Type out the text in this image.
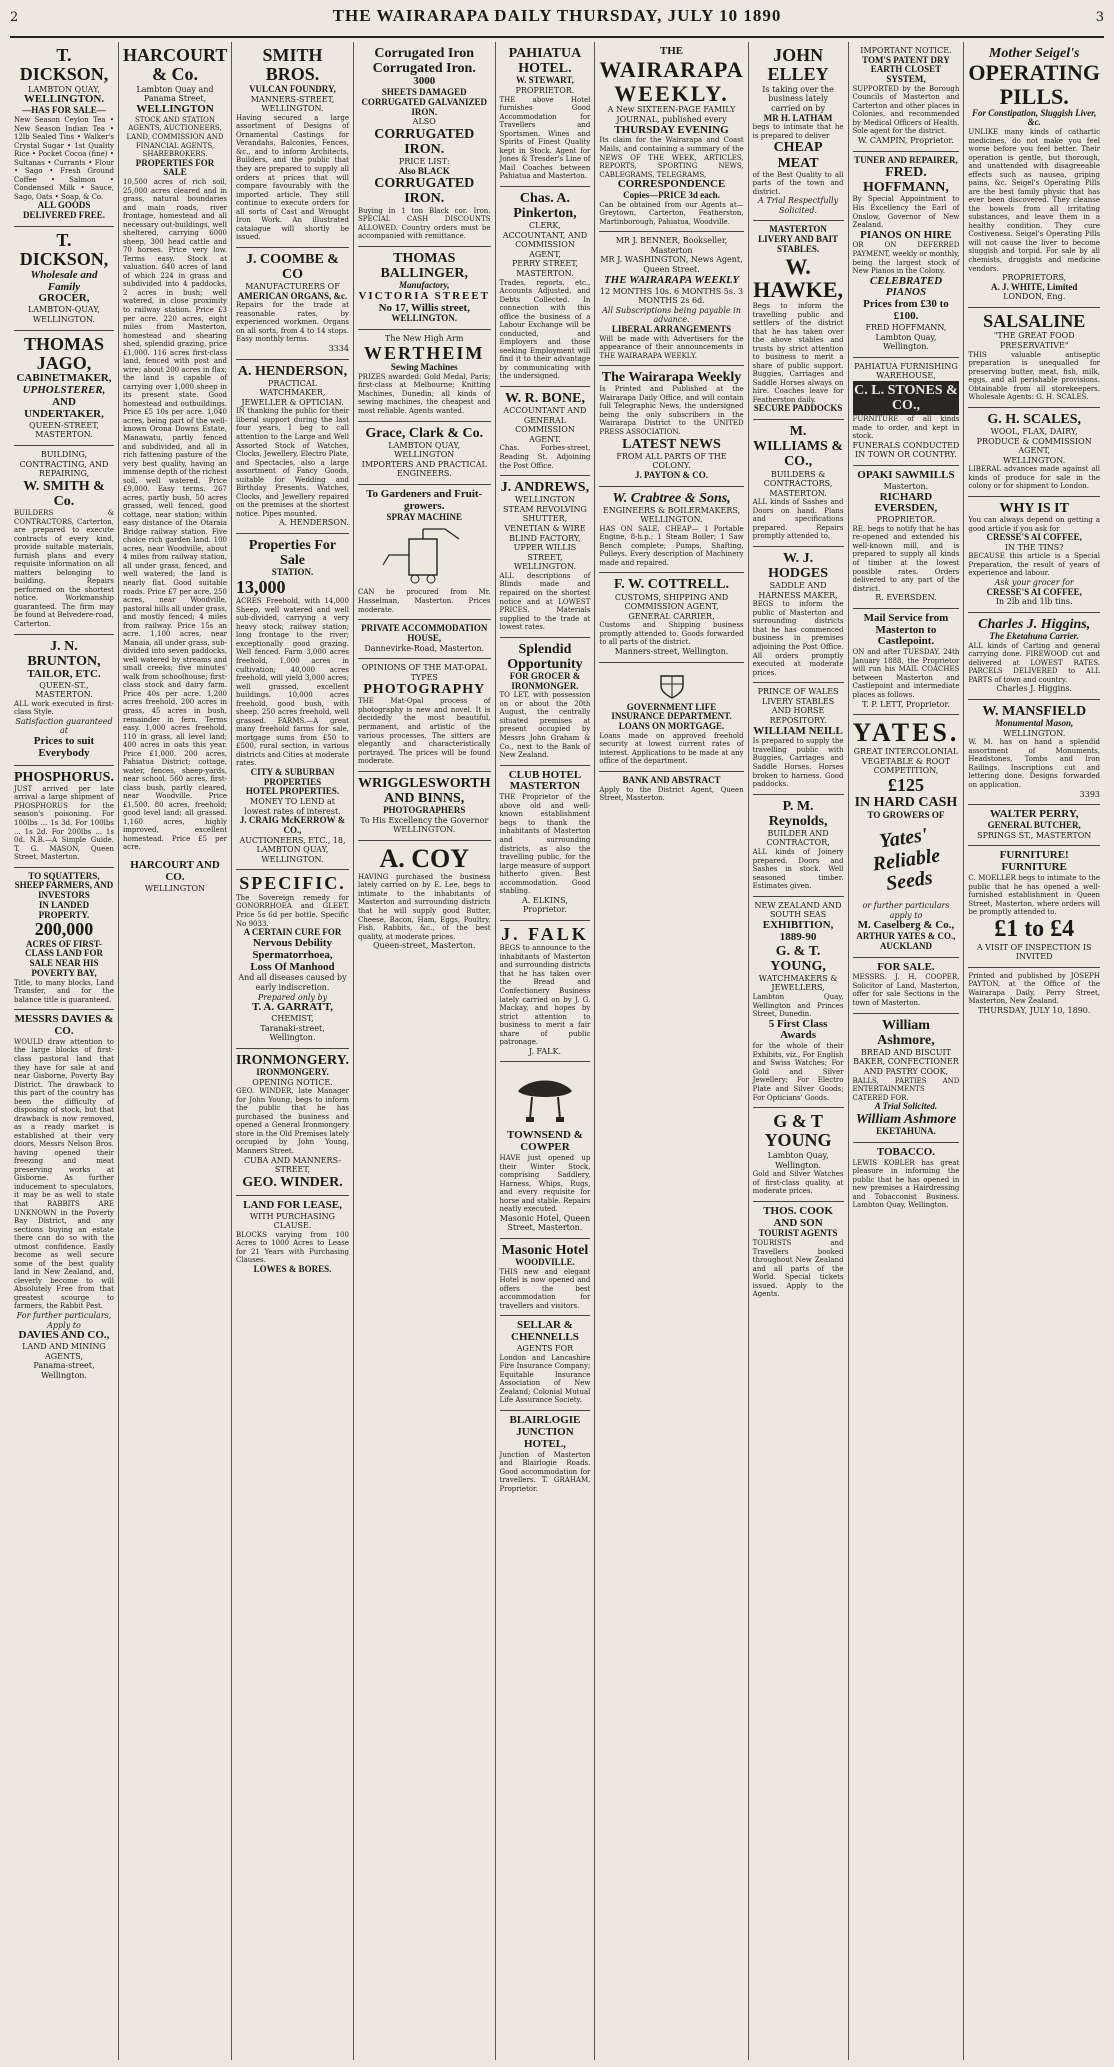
2	THE WAIRARAPA DAILY THURSDAY, JULY 10 1890	3
T. DICKSON,
LAMBTON QUAY,
WELLINGTON.
—HAS FOR SALE—
New Season Ceylon Tea • New Season Indian Tea • 12lb Sealed Tins • Walker's Crystal Sugar • 1st Quality Rice • Pocket Cocoa (fine) • Sultanas • Currants • Flour • Sago • Fresh Ground Coffee • Salmon • Condensed Milk • Sauce, Sago, Oats • Soap, & Co.
ALL GOODS DELIVERED FREE.
T. DICKSON,
Wholesale and Family
GROCER,
LAMBTON-QUAY, WELLINGTON.
THOMAS JAGO,
CABINETMAKER,
UPHOLSTERER,
AND UNDERTAKER,
QUEEN-STREET, MASTERTON.
BUILDING, CONTRACTING, AND REPAIRING,
W. SMITH & Co.
BUILDERS & CONTRACTORS, Carterton, are prepared to execute contracts of every kind, provide suitable materials, furnish plans and every requisite information on all matters belonging to building. Repairs performed on the shortest notice. Workmanship guaranteed. The firm may be found at Belvedere-road, Carterton.
J. N. BRUNTON,
TAILOR, ETC.
QUEEN-ST., MASTERTON.
ALL work executed in first-class Style.
Satisfaction guaranteed at
Prices to suit Everybody
PHOSPHORUS.
JUST arrived per late arrival a large shipment of PHOSPHORUS for the season's poisoning. For 100lbs ... 1s 3d. For 100lbs ... 1s 2d. For 200lbs ... 1s 0d. N.B.—A Simple Guide. T. G. MASON, Queen Street, Masterton.
TO SQUATTERS, SHEEP FARMERS, AND INVESTORS
IN LANDED PROPERTY.
200,000
ACRES OF FIRST-CLASS LAND FOR SALE NEAR HIS POVERTY BAY,
Title, to many blocks, Land Transfer, and for the balance title is guaranteed.
MESSRS DAVIES & CO.
WOULD draw attention to the large blocks of first-class pastoral land that they have for sale at and near Gisborne, Poverty Bay District. The drawback to this part of the country has been the difficulty of disposing of stock, but that drawback is now removed, as a ready market is established at their very doors, Messrs Nelson Bros. having opened their freezing and meat preserving works at Gisborne. As further inducement to speculators, it may be as well to state that RABBITS ARE UNKNOWN in the Poverty Bay District, and any sections buying an estate there can do so with the utmost confidence. Easily become as well secure some of the best quality land in New Zealand, and, cleverly become to will Absolutely Free from that greatest scourge to farmers, the Rabbit Pest.
For further particulars,
Apply to
DAVIES AND CO.,
LAND AND MINING AGENTS,
Panama-street, Wellington.
HARCOURT & Co.
Lambton Quay and Panama Street,
WELLINGTON
STOCK AND STATION AGENTS, AUCTIONEERS, LAND, COMMISSION AND FINANCIAL AGENTS, SHAREBROKERS.
PROPERTIES FOR SALE
10,500 acres of rich soil, 25,000 acres cleared and in grass, natural boundaries and main roads, river frontage, homestead and all necessary out-buildings, well sheltered, carrying 6000 sheep, 300 head cattle and 70 horses. Price very low. Terms easy. Stock at valuation. 640 acres of land of which 224 in grass and subdivided into 4 paddocks, 2 acres in bush; well watered, in close proximity to railway station. Price £3 per acre. 220 acres, eight miles from Masterton, homestead and shearing shed, splendid grazing, price £1,000. 116 acres first-class land, fenced with post and wire; about 200 acres in flax; the land is capable of carrying over 1,000 sheep in its present state. Good homestead and outbuildings. Price £5 10s per acre. 1,040 acres, being part of the well-known Orona Downs Estate, Manawatu, partly fenced and subdivided, and all in rich fattening pasture of the very best quality, having an immense depth of the richest soil, well watered. Price £9,000. Easy terms. 267 acres, partly bush, 50 acres grassed, well fenced, good cottage, near station; within easy distance of the Otaraia Bridge railway station. Five choice rich garden land. 100 acres, near Woodville, about 4 miles from railway station, all under grass, fenced, and well watered; the land is nearly flat. Good suitable roads. Price £7 per acre. 250 acres, near Woodville, pastoral hills all under grass, and mostly fenced; 4 miles from railway. Price 15s an acre. 1,100 acres, near Manaia, all under grass, sub-divided into seven paddocks, well watered by streams and small creeks; five minutes' walk from schoolhouse; first-class stock and dairy farm. Price 40s per acre. 1,200 acres freehold, 200 acres in grass, 45 acres in bush, remainder in fern. Terms easy. 1,000 acres freehold, 110 in grass, all level land; 400 acres in oats this year. Price £1,000. 200 acres, Pahiatua District; cottage, water, fences, sheep-yards, near school. 560 acres, first-class bush, partly cleared, near Woodville. Price £1,500. 80 acres, freehold; good level land; all grassed. 1,160 acres, highly improved, excellent homestead. Price £5 per acre.
HARCOURT AND CO.
WELLINGTON
SMITH BROS.
VULCAN FOUNDRY,
MANNERS-STREET, WELLINGTON.
Having secured a large assortment of Designs of Ornamental Castings for Verandahs, Balconies, Fences, &c., and to inform Architects, Builders, and the public that they are prepared to supply all orders at prices that will compare favourably with the imported article. They still continue to execute orders for all sorts of Cast and Wrought Iron Work. An illustrated catalogue will shortly be issued.
J. COOMBE & CO
MANUFACTURERS OF
AMERICAN ORGANS, &c.
Repairs for the trade at reasonable rates, by experienced workmen. Organs on all sorts, from 4 to 14 stops. Easy monthly terms.
3334
A. HENDERSON,
PRACTICAL WATCHMAKER, JEWELLER & OPTICIAN.
IN thanking the public for their liberal support during the last four years, I beg to call attention to the Large and Well Assorted Stock of Watches, Clocks, Jewellery, Electro Plate, and Spectacles, also a large assortment of Fancy Goods, suitable for Wedding and Birthday Presents. Watches, Clocks, and Jewellery repaired on the premises at the shortest notice. Pipes mounted.
A. HENDERSON.
Properties For Sale
STATION.
13,000
ACRES Freehold, with 14,000 Sheep, well watered and well sub-divided, carrying a very heavy stock; railway station; long frontage to the river; exceptionally good grazing. Well fenced. Farm 3,000 acres freehold, 1,000 acres in cultivation; 40,000 acres freehold, will yield 3,000 acres; well grassed, excellent buildings. 10,000 acres freehold, good bush, with sheep. 250 acres freehold, well grassed. FARMS.—A great many freehold farms for sale, mortgage sums from £50 to £500, rural section, in various districts and Cities at moderate rates.
CITY & SUBURBAN PROPERTIES
HOTEL PROPERTIES.
MONEY TO LEND at lowest rates of interest.
J. CRAIG McKERROW & CO.,
AUCTIONEERS, ETC., 18, LAMBTON QUAY, WELLINGTON.
SPECIFIC.
The Sovereign remedy for GONORRHOEA and GLEET. Price 5s 6d per bottle. Specific No 9033.
A CERTAIN CURE FOR
Nervous Debility
Spermatorrhoea,
Loss Of Manhood
And all diseases caused by early indiscretion.
Prepared only by
T. A. GARRATT,
CHEMIST,
Taranaki-street, Wellington.
IRONMONGERY.
IRONMONGERY.
OPENING NOTICE.
GEO. WINDER, late Manager for John Young, begs to inform the public that he has purchased the business and opened a General Ironmongery store in the Old Premises lately occupied by John Young, Manners Street.
CUBA AND MANNERS-STREET,
GEO. WINDER.
LAND FOR LEASE,
WITH PURCHASING CLAUSE.
BLOCKS varying from 100 Acres to 1000 Acres to Lease for 21 Years with Purchasing Clauses.
LOWES & BORES.
Corrugated Iron
Corrugated Iron.
3000
SHEETS DAMAGED CORRUGATED GALVANIZED IRON.
ALSO
CORRUGATED IRON.
PRICE LIST:
Also BLACK
CORRUGATED IRON.
Buying in 1 ton Black cor. Iron. SPECIAL CASH DISCOUNTS ALLOWED. Country orders must be accompanied with remittance.
THOMAS BALLINGER,
Manufactory,
VICTORIA STREET
No 17, Willis street,
WELLINGTON.
The New High Arm
WERTHEIM
Sewing Machines
PRIZES awarded: Gold Medal, Paris; first-class at Melbourne; Knitting Machines, Dunedin; all kinds of sewing machines, the cheapest and most reliable. Agents wanted.
Grace, Clark & Co.
LAMBTON QUAY, WELLINGTON
IMPORTERS AND PRACTICAL ENGINEERS.
To Gardeners and Fruit-growers.
SPRAY MACHINE
CAN be procured from Mr. Hasselman, Masterton. Prices moderate.
PRIVATE ACCOMMODATION HOUSE,
Dannevirke-Road, Masterton.
OPINIONS OF THE MAT-OPAL TYPES
PHOTOGRAPHY
THE Mat-Opal process of photography is new and novel. It is decidedly the most beautiful, permanent, and artistic of the various processes. The sitters are elegantly and characteristically portrayed. The prices will be found moderate.
WRIGGLESWORTH AND BINNS,
PHOTOGRAPHERS
To His Excellency the Governor
WELLINGTON.
A. COY
HAVING purchased the business lately carried on by E. Lee, begs to intimate to the inhabitants of Masterton and surrounding districts that he will supply good Butter, Cheese, Bacon, Ham, Eggs, Poultry, Fish, Rabbits, &c., of the best quality, at moderate prices.
Queen-street, Masterton.
PAHIATUA HOTEL.
W. STEWART,
PROPRIETOR.
THE above Hotel furnishes Good Accommodation for Travellers and Sportsmen. Wines and Spirits of Finest Quality kept in Stock. Agent for Jones & Tresder's Line of Mail Coaches between Pahiatua and Masterton.
Chas. A. Pinkerton,
CLERK, ACCOUNTANT, AND COMMISSION AGENT,
PERRY STREET, MASTERTON.
Trades, reports, etc., Accounts Adjusted, and Debts Collected. In connection with this office the business of a Labour Exchange will be conducted, and Employers and those seeking Employment will find it to their advantage by communicating with the undersigned.
W. R. BONE,
ACCOUNTANT AND GENERAL COMMISSION AGENT.
Chas. Forbes-street, Reading St. Adjoining the Post Office.
J. ANDREWS,
WELLINGTON STEAM REVOLVING SHUTTER, VENETIAN & WIRE BLIND FACTORY,
UPPER WILLIS STREET, WELLINGTON.
ALL descriptions of Blinds made and repaired on the shortest notice and at LOWEST PRICES. Materials supplied to the trade at lowest rates.
Splendid Opportunity
FOR GROCER & IRONMONGER.
TO LET, with possession on or about the 20th August, the centrally situated premises at present occupied by Messrs John Graham & Co., next to the Bank of New Zealand.
CLUB HOTEL MASTERTON
THE Proprietor of the above old and well-known establishment begs to thank the inhabitants of Masterton and surrounding districts, as also the travelling public, for the large measure of support hitherto given. Best accommodation. Good stabling.
A. ELKINS, Proprietor.
J. FALK
BEGS to announce to the inhabitants of Masterton and surrounding districts that he has taken over the Bread and Confectionery Business lately carried on by J. G. Mackay, and hopes by strict attention to business to merit a fair share of public patronage.
J. FALK.
TOWNSEND & COWPER
HAVE just opened up their Winter Stock, comprising Saddlery, Harness, Whips, Rugs, and every requisite for horse and stable. Repairs neatly executed.
Masonic Hotel, Queen Street, Masterton.
Masonic Hotel
WOODVILLE.
THIS new and elegant Hotel is now opened and offers the best accommodation for travellers and visitors.
SELLAR & CHENNELLS
AGENTS FOR
London and Lancashire Fire Insurance Company; Equitable Insurance Association of New Zealand; Colonial Mutual Life Assurance Society.
BLAIRLOGIE JUNCTION HOTEL,
Junction of Masterton and Blairlogie Roads. Good accommodation for travellers. T. GRAHAM, Proprietor.
THE
WAIRARAPA
WEEKLY.
A New SIXTEEN-PAGE FAMILY JOURNAL, published every
THURSDAY EVENING
Its claim for the Wairarapa and Coast Mails, and containing a summary of the NEWS OF THE WEEK, ARTICLES, REPORTS, SPORTING NEWS, CABLEGRAMS, TELEGRAMS,
CORRESPONDENCE
Copies—PRICE 3d each.
Can be obtained from our Agents at— Greytown, Carterton, Featherston, Martinborough, Pahiatua, Woodville.
MR J. BENNER, Bookseller, Masterton
MR J. WASHINGTON, News Agent, Queen Street.
THE WAIRARAPA WEEKLY
12 MONTHS 10s. 6 MONTHS 5s. 3 MONTHS 2s 6d.
All Subscriptions being payable in advance.
LIBERAL ARRANGEMENTS
Will be made with Advertisers for the appearance of their announcements in THE WAIRARAPA WEEKLY.
The Wairarapa Weekly
Is Printed and Published at the Wairarapa Daily Office, and will contain full Telegraphic News, the undersigned being the only subscribers in the Wairarapa District to the UNITED PRESS ASSOCIATION.
LATEST NEWS
FROM ALL PARTS OF THE COLONY.
J. PAYTON & CO.
W. Crabtree & Sons,
ENGINEERS & BOILERMAKERS,
WELLINGTON.
HAS ON SALE, CHEAP— 1 Portable Engine, 8-h.p.; 1 Steam Boiler; 1 Saw Bench complete; Pumps, Shafting, Pulleys. Every description of Machinery made and repaired.
F. W. COTTRELL.
CUSTOMS, SHIPPING AND COMMISSION AGENT,
GENERAL CARRIER,
Customs and Shipping business promptly attended to. Goods forwarded to all parts of the district.
Manners-street, Wellington.
GOVERNMENT LIFE INSURANCE DEPARTMENT.
LOANS ON MORTGAGE.
Loans made on approved freehold security at lowest current rates of interest. Applications to be made at any office of the department.
BANK AND ABSTRACT
Apply to the District Agent, Queen Street, Masterton.
JOHN ELLEY
Is taking over the business lately carried on by
MR H. LATHAM
begs to intimate that he is prepared to deliver
CHEAP MEAT
of the Best Quality to all parts of the town and district.
A Trial Respectfully Solicited.
MASTERTON LIVERY AND BAIT STABLES.
W. HAWKE,
Begs to inform the travelling public and settlers of the district that he has taken over the above stables and trusts by strict attention to business to merit a share of public support. Buggies, Carriages and Saddle Horses always on hire. Coaches leave for Featherston daily.
SECURE PADDOCKS
M. WILLIAMS & CO.,
BUILDERS & CONTRACTORS,
MASTERTON.
ALL kinds of Sashes and Doors on hand. Plans and specifications prepared. Repairs promptly attended to.
W. J. HODGES
SADDLE AND HARNESS MAKER,
BEGS to inform the public of Masterton and surrounding districts that he has commenced business in premises adjoining the Post Office. All orders promptly executed at moderate prices.
PRINCE OF WALES LIVERY STABLES AND HORSE REPOSITORY.
WILLIAM NEILL
Is prepared to supply the travelling public with Buggies, Carriages and Saddle Horses. Horses broken to harness. Good paddocks.
P. M. Reynolds,
BUILDER AND CONTRACTOR,
ALL kinds of Joinery prepared. Doors and Sashes in stock. Well seasoned timber. Estimates given.
NEW ZEALAND AND SOUTH SEAS
EXHIBITION, 1889-90
G. & T. YOUNG,
WATCHMAKERS & JEWELLERS,
Lambton Quay, Wellington and Princes Street, Dunedin.
5 First Class Awards
for the whole of their Exhibits, viz., For English and Swiss Watches; For Gold and Silver Jewellery; For Electro Plate and Silver Goods; For Opticians' Goods.
G & T YOUNG
Lambton Quay, Wellington.
Gold and Silver Watches of first-class quality, at moderate prices.
THOS. COOK AND SON
TOURIST AGENTS
TOURISTS and Travellers booked throughout New Zealand and all parts of the World. Special tickets issued. Apply to the Agents.
IMPORTANT NOTICE.
TOM'S PATENT DRY EARTH CLOSET SYSTEM,
SUPPORTED by the Borough Councils of Masterton and Carterton and other places in Colonies, and recommended by Medical Officers of Health. Sole agent for the district.
W. CAMPIN, Proprietor.
TUNER AND REPAIRER,
FRED. HOFFMANN,
By Special Appointment to His Excellency the Earl of Onslow, Governor of New Zealand.
PIANOS ON HIRE
OR ON DEFERRED PAYMENT, weekly or monthly, being the largest stock of New Pianos in the Colony.
CELEBRATED PIANOS
Prices from £30 to £100.
FRED HOFFMANN, Lambton Quay, Wellington.
PAHIATUA FURNISHING WAREHOUSE,
C. L. STONES & CO.,
FURNITURE of all kinds made to order, and kept in stock.
FUNERALS CONDUCTED IN TOWN OR COUNTRY.
OPAKI SAWMILLS
Masterton.
RICHARD EVERSDEN,
PROPRIETOR.
RE. begs to notify that he has re-opened and extended his well-known mill, and is prepared to supply all kinds of timber at the lowest possible rates. Orders delivered to any part of the district.
R. EVERSDEN.
Mail Service from Masterton to Castlepoint.
ON and after TUESDAY, 24th January 1888, the Proprietor will run his MAIL COACHES between Masterton and Castlepoint and intermediate places as follows.
T. P. LETT, Proprietor.
YATES.
GREAT INTERCOLONIAL VEGETABLE & ROOT COMPETITION,
£125
IN HARD CASH
TO GROWERS OF
Yates' Reliable Seeds
or further particulars apply to
M. Caselberg & Co.,
ARTHUR YATES & CO., AUCKLAND
FOR SALE.
MESSRS. J. H. COOPER, Solicitor of Land, Masterton, offer for sale Sections in the town of Masterton.
William Ashmore,
BREAD AND BISCUIT BAKER, CONFECTIONER AND PASTRY COOK,
BALLS, PARTIES AND ENTERTAINMENTS CATERED FOR.
A Trial Solicited.
William Ashmore
EKETAHUNA.
TOBACCO.
LEWIS KOBLER has great pleasure in informing the public that he has opened in new premises a Hairdressing and Tobacconist Business. Lambton Quay, Wellington.
Mother Seigel's
OPERATING
PILLS.
For Constipation, Sluggish Liver, &c.
UNLIKE many kinds of cathartic medicines, do not make you feel worse before you feel better. Their operation is gentle, but thorough, and unattended with disagreeable effects such as nausea, griping pains, &c. Seigel's Operating Pills are the best family physic that has ever been discovered. They cleanse the bowels from all irritating substances, and leave them in a healthy condition. They cure Costiveness. Seigel's Operating Pills will not cause the liver to become sluggish and torpid. For sale by all chemists, druggists and medicine vendors.
PROPRIETORS,
A. J. WHITE, Limited
LONDON, Eng.
SALSALINE
"THE GREAT FOOD PRESERVATIVE"
THIS valuable antiseptic preparation is unequalled for preserving butter, meat, fish, milk, eggs, and all perishable provisions. Obtainable from all storekeepers. Wholesale Agents: G. H. SCALES.
G. H. SCALES,
WOOL, FLAX, DAIRY, PRODUCE & COMMISSION AGENT,
WELLINGTON.
LIBERAL advances made against all kinds of produce for sale in the colony or for shipment to London.
WHY IS IT
You can always depend on getting a good article if you ask for
CRESSE'S AI COFFEE,
IN THE TINS?
BECAUSE this article is a Special Preparation, the result of years of experience and labour.
Ask your grocer for
CRESSE'S AI COFFEE,
In 2lb and 1lb tins.
Charles J. Higgins,
The Eketahuna Carrier.
ALL kinds of Carting and general carrying done. FIREWOOD cut and delivered at LOWEST RATES. PARCELS DELIVERED to ALL PARTS of town and country.
Charles J. Higgins.
W. MANSFIELD
Monumental Mason,
WELLINGTON.
W. M. has on hand a splendid assortment of Monuments, Headstones, Tombs and Iron Railings. Inscriptions cut and lettering done. Designs forwarded on application.
3393
WALTER PERRY,
GENERAL BUTCHER,
SPRINGS ST., MASTERTON
FURNITURE!
FURNITURE
C. MOELLER begs to intimate to the public that he has opened a well-furnished establishment in Queen Street, Masterton, where orders will be promptly attended to.
£1 to £4
A VISIT OF INSPECTION IS INVITED
Printed and published by JOSEPH PAYTON, at the Office of the Wairarapa Daily, Perry Street, Masterton, New Zealand.
THURSDAY, JULY 10, 1890.
